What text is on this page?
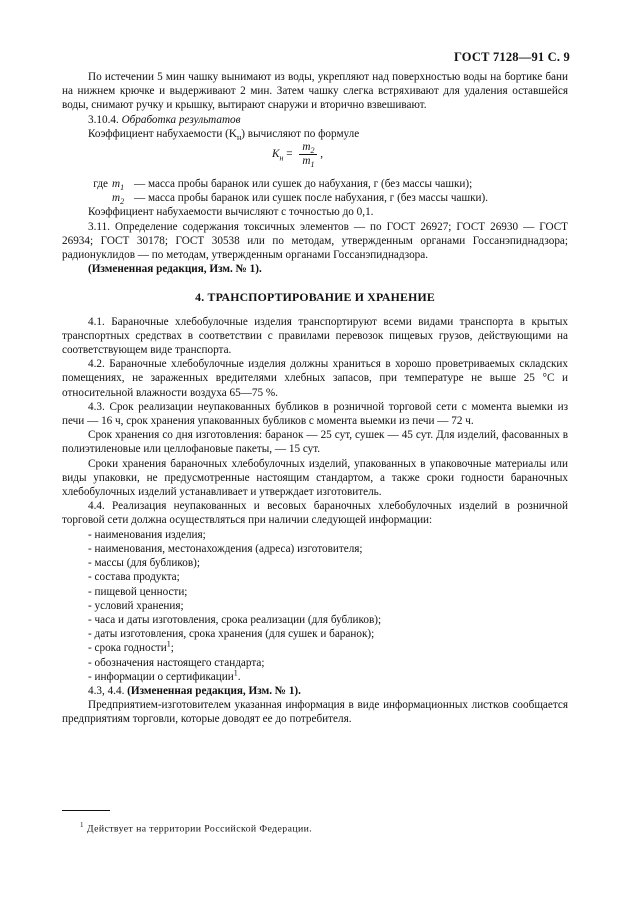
ГОСТ 7128—91 С. 9

По истечении 5 мин чашку вынимают из воды, укрепляют над поверхностью воды на бортике бани на нижнем крючке и выдерживают 2 мин. Затем чашку слегка встряхивают для удаления оставшейся воды, снимают ручку и крышку, вытирают снаружи и вторично взвешивают.

3.10.4. Обработка результатов

Коэффициент набухаемости $(K_н)$ вычисляют по формуле

$K_н = \frac{m_2}{m_1}$ ,
где $m_1$ — масса пробы баранок или сушек до набухания, г (без массы чашки);
$m_2$ — масса пробы баранок или сушек после набухания, г (без массы чашки).

Коэффициент набухаемости вычисляют с точностью до 0,1.

3.11. Определение содержания токсичных элементов — по ГОСТ 26927; ГОСТ 26930 — ГОСТ 26934; ГОСТ 30178; ГОСТ 30538 или по методам, утвержденным органами Госсанэпиднадзора; радионуклидов — по методам, утвержденным органами Госсанэпиднадзора.

(Измененная редакция, Изм. № 1).

4. ТРАНСПОРТИРОВАНИЕ И ХРАНЕНИЕ

4.1. Бараночные хлебобулочные изделия транспортируют всеми видами транспорта в крытых транспортных средствах в соответствии с правилами перевозок пищевых грузов, действующими на соответствующем виде транспорта.

4.2. Бараночные хлебобулочные изделия должны храниться в хорошо проветриваемых складских помещениях, не зараженных вредителями хлебных запасов, при температуре не выше 25 °С и относительной влажности воздуха 65—75 %.

4.3. Срок реализации неупакованных бубликов в розничной торговой сети с момента выемки из печи — 16 ч, срок хранения упакованных бубликов с момента выемки из печи — 72 ч.

Срок хранения со дня изготовления: баранок — 25 сут, сушек — 45 сут. Для изделий, фасованных в полиэтиленовые или целлофановые пакеты, — 15 сут.

Сроки хранения бараночных хлебобулочных изделий, упакованных в упаковочные материалы или виды упаковки, не предусмотренные настоящим стандартом, а также сроки годности бараночных хлебобулочных изделий устанавливает и утверждает изготовитель.

4.4. Реализация неупакованных и весовых бараночных хлебобулочных изделий в розничной торговой сети должна осуществляться при наличии следующей информации:

- наименования изделия;

- наименования, местонахождения (адреса) изготовителя;

- массы (для бубликов);

- состава продукта;

- пищевой ценности;

- условий хранения;

- часа и даты изготовления, срока реализации (для бубликов);

- даты изготовления, срока хранения (для сушек и баранок);

- срока годности$^1$;

- обозначения настоящего стандарта;

- информации о сертификации$^1$.

4.3, 4.4. (Измененная редакция, Изм. № 1).

Предприятием-изготовителем указанная информация в виде информационных листков сообщается предприятиям торговли, которые доводят ее до потребителя.

$^1$ Действует на территории Российской Федерации.
